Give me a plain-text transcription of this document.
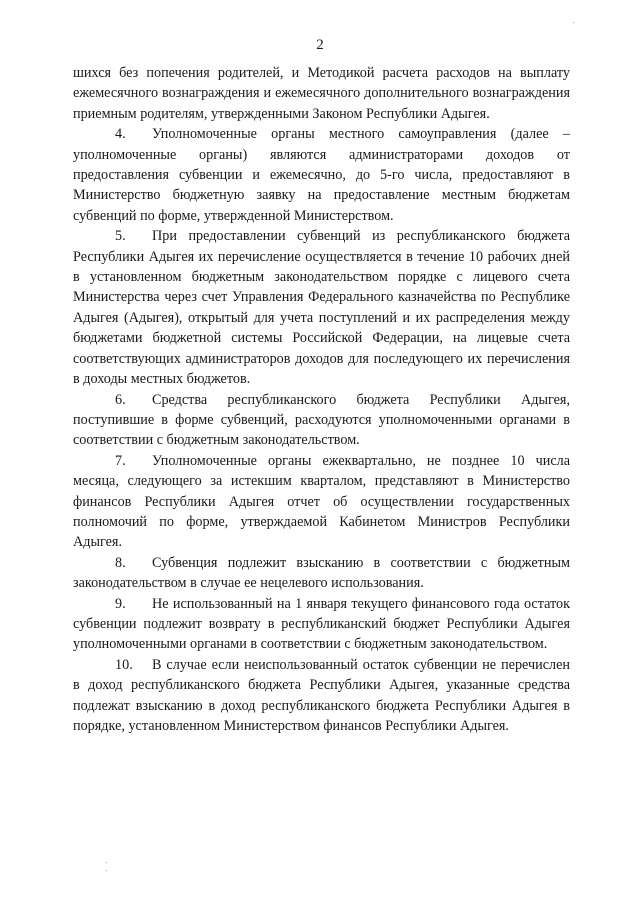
2

шихся без попечения родителей, и Методикой расчета расходов на выплату ежемесячного вознаграждения и ежемесячного дополнительного вознаграждения приемным родителям, утвержденными Законом Республики Адыгея.

4. Уполномоченные органы местного самоуправления (далее – уполномоченные органы) являются администраторами доходов от предоставления субвенции и ежемесячно, до 5-го числа, предоставляют в Министерство бюджетную заявку на предоставление местным бюджетам субвенций по форме, утвержденной Министерством.

5. При предоставлении субвенций из республиканского бюджета Республики Адыгея их перечисление осуществляется в течение 10 рабочих дней в установленном бюджетным законодательством порядке с лицевого счета Министерства через счет Управления Федерального казначейства по Республике Адыгея (Адыгея), открытый для учета поступлений и их распределения между бюджетами бюджетной системы Российской Федерации, на лицевые счета соответствующих администраторов доходов для последующего их перечисления в доходы местных бюджетов.

6. Средства республиканского бюджета Республики Адыгея, поступившие в форме субвенций, расходуются уполномоченными органами в соответствии с бюджетным законодательством.

7. Уполномоченные органы ежеквартально, не позднее 10 числа месяца, следующего за истекшим кварталом, представляют в Министерство финансов Республики Адыгея отчет об осуществлении государственных полномочий по форме, утверждаемой Кабинетом Министров Республики Адыгея.

8. Субвенция подлежит взысканию в соответствии с бюджетным законодательством в случае ее нецелевого использования.

9. Не использованный на 1 января текущего финансового года остаток субвенции подлежит возврату в республиканский бюджет Республики Адыгея уполномоченными органами в соответствии с бюджетным законодательством.

10. В случае если неиспользованный остаток субвенции не перечислен в доход республиканского бюджета Республики Адыгея, указанные средства подлежат взысканию в доход республиканского бюджета Республики Адыгея в порядке, установленном Министерством финансов Республики Адыгея.
